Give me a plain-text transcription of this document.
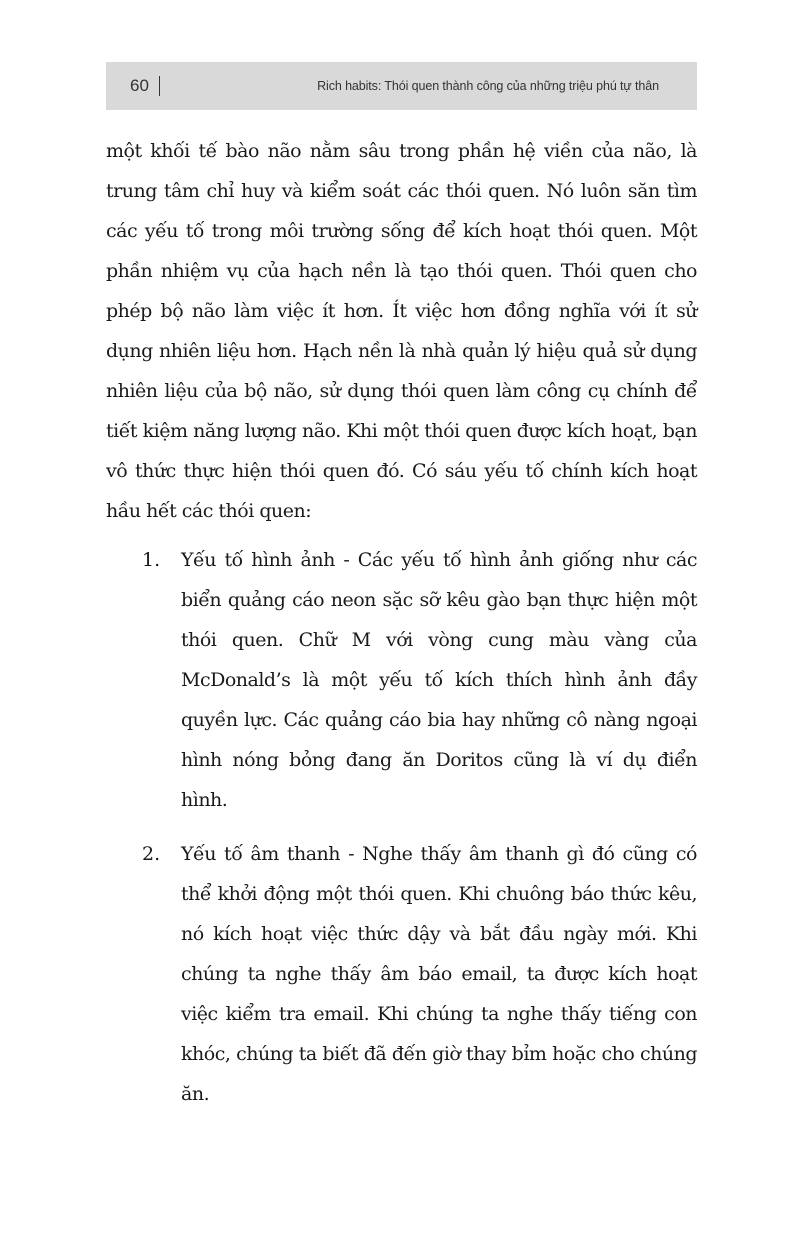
60	Rich habits: Thói quen thành công của những triệu phú tự thân

một khối tế bào não nằm sâu trong phần hệ viền của não, là trung tâm chỉ huy và kiểm soát các thói quen. Nó luôn săn tìm các yếu tố trong môi trường sống để kích hoạt thói quen. Một phần nhiệm vụ của hạch nền là tạo thói quen. Thói quen cho phép bộ não làm việc ít hơn. Ít việc hơn đồng nghĩa với ít sử dụng nhiên liệu hơn. Hạch nền là nhà quản lý hiệu quả sử dụng nhiên liệu của bộ não, sử dụng thói quen làm công cụ chính để tiết kiệm năng lượng não. Khi một thói quen được kích hoạt, bạn vô thức thực hiện thói quen đó. Có sáu yếu tố chính kích hoạt hầu hết các thói quen:

1. Yếu tố hình ảnh - Các yếu tố hình ảnh giống như các biển quảng cáo neon sặc sỡ kêu gào bạn thực hiện một thói quen. Chữ M với vòng cung màu vàng của McDonald’s là một yếu tố kích thích hình ảnh đầy quyền lực. Các quảng cáo bia hay những cô nàng ngoại hình nóng bỏng đang ăn Doritos cũng là ví dụ điển hình.

2. Yếu tố âm thanh - Nghe thấy âm thanh gì đó cũng có thể khởi động một thói quen. Khi chuông báo thức kêu, nó kích hoạt việc thức dậy và bắt đầu ngày mới. Khi chúng ta nghe thấy âm báo email, ta được kích hoạt việc kiểm tra email. Khi chúng ta nghe thấy tiếng con khóc, chúng ta biết đã đến giờ thay bỉm hoặc cho chúng ăn.
